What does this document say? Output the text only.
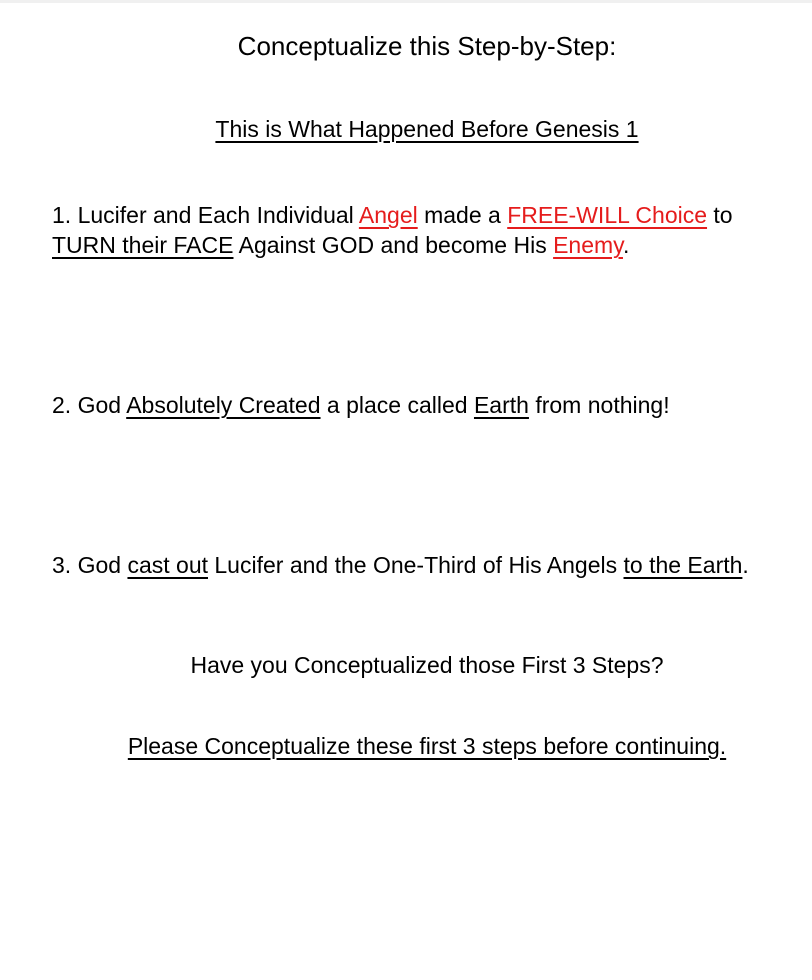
Conceptualize this Step-by-Step:
This is What Happened Before Genesis 1
1. Lucifer and Each Individual Angel made a FREE-WILL Choice to TURN their FACE Against GOD and become His Enemy.
2. God Absolutely Created a place called Earth from nothing!
3. God cast out Lucifer and the One-Third of His Angels to the Earth.
Have you Conceptualized those First 3 Steps?
Please Conceptualize these first 3 steps before continuing.
